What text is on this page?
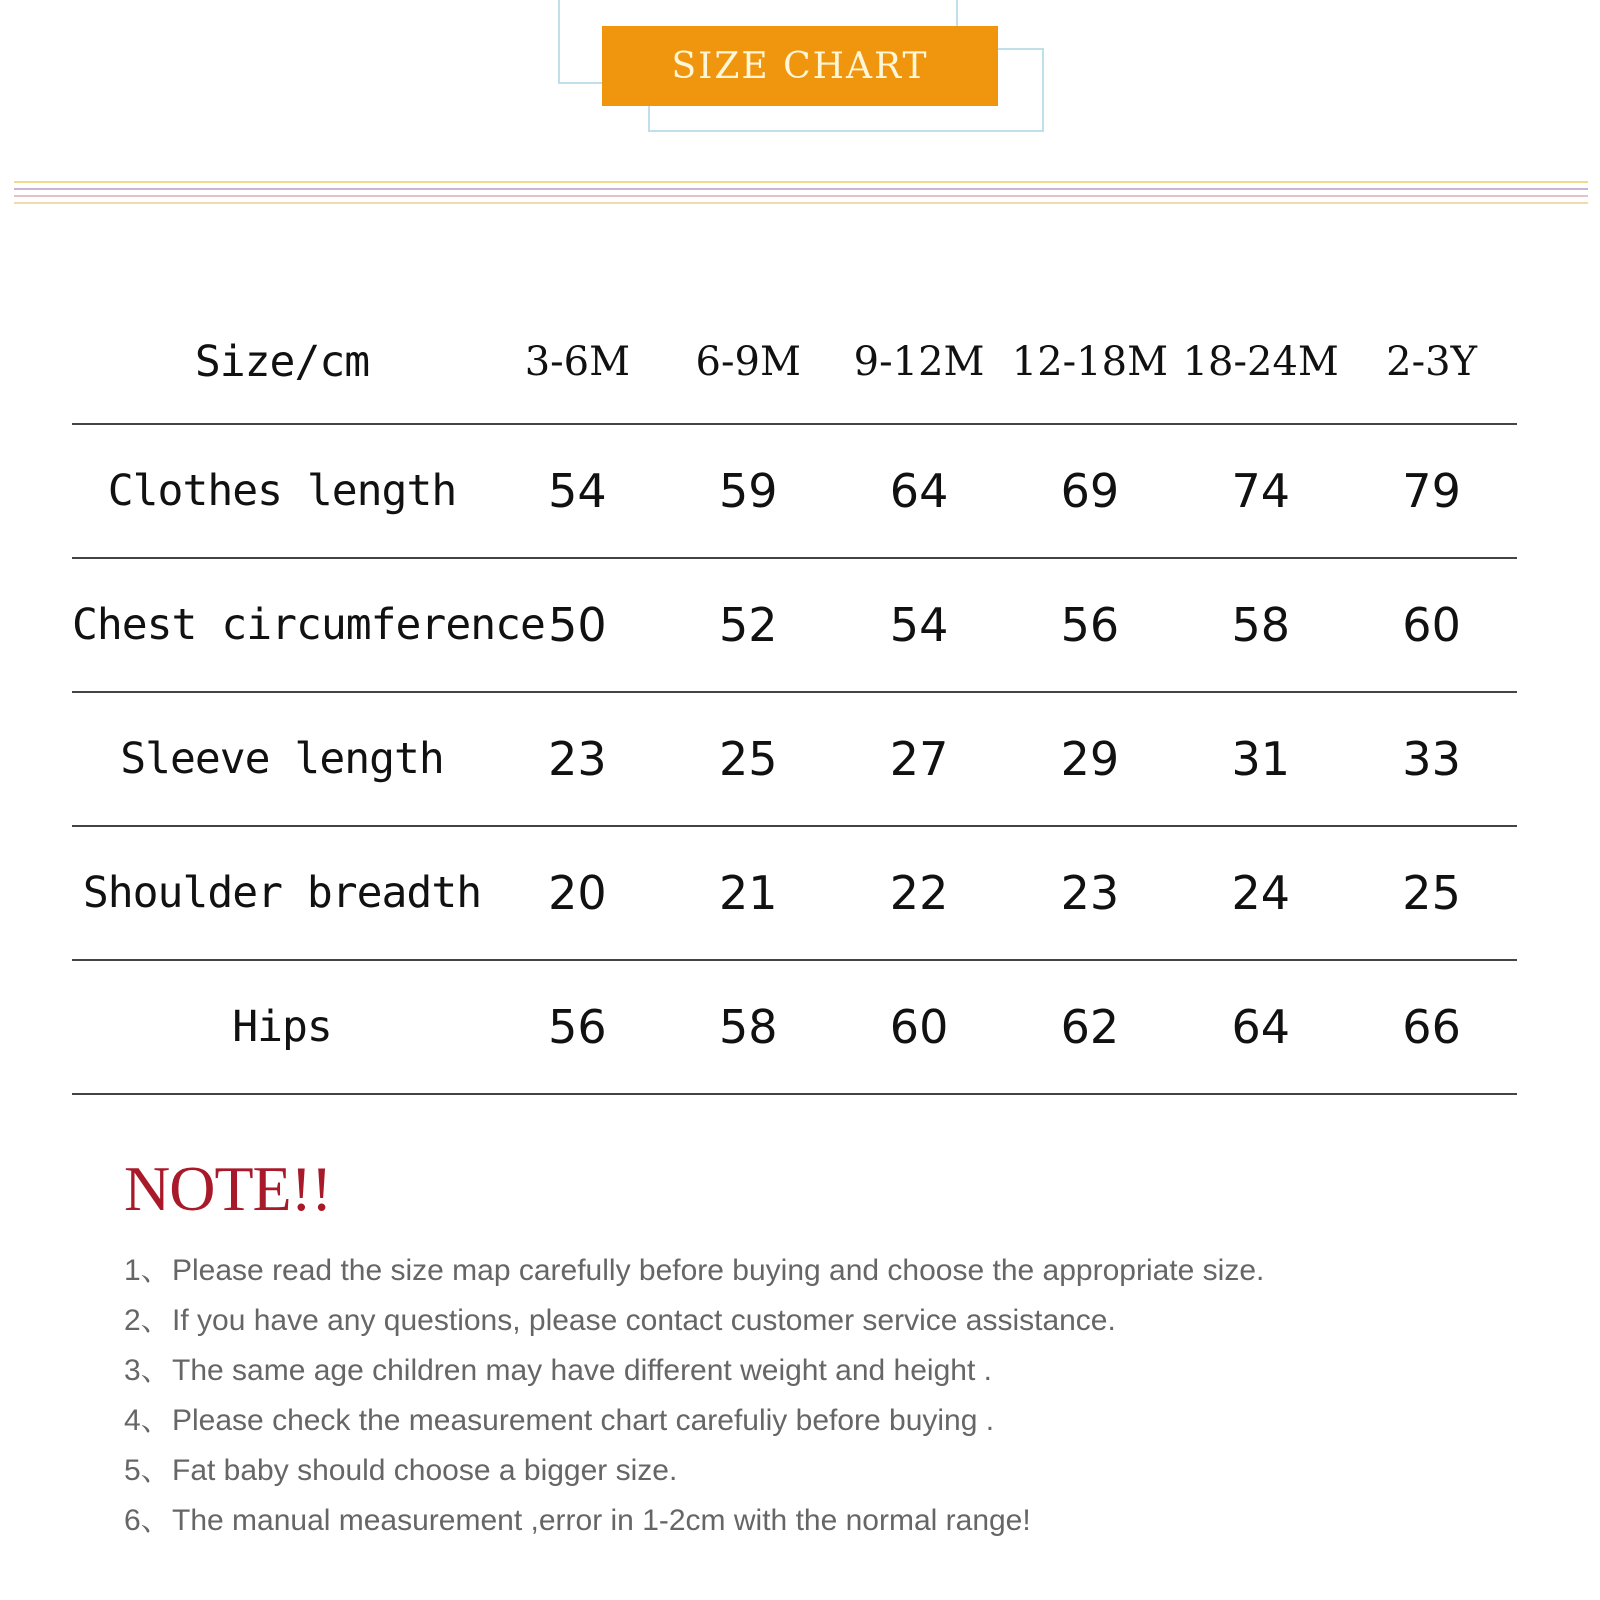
SIZE CHART
Size/cm	3-6M	6-9M	9-12M	12-18M	18-24M	2-3Y
Clothes length	54	59	64	69	74	79
Chest circumference	50	52	54	56	58	60
Sleeve length	23	25	27	29	31	33
Shoulder breadth	20	21	22	23	24	25
Hips	56	58	60	62	64	66
NOTE!!
1、Please read the size map carefully before buying and choose the appropriate size.
2、If you have any questions, please contact customer service assistance.
3、The same age children may have different weight and height .
4、Please check the measurement chart carefuliy before buying .
5、Fat baby should choose a bigger size.
6、The manual measurement ,error in 1-2cm with the normal range!
